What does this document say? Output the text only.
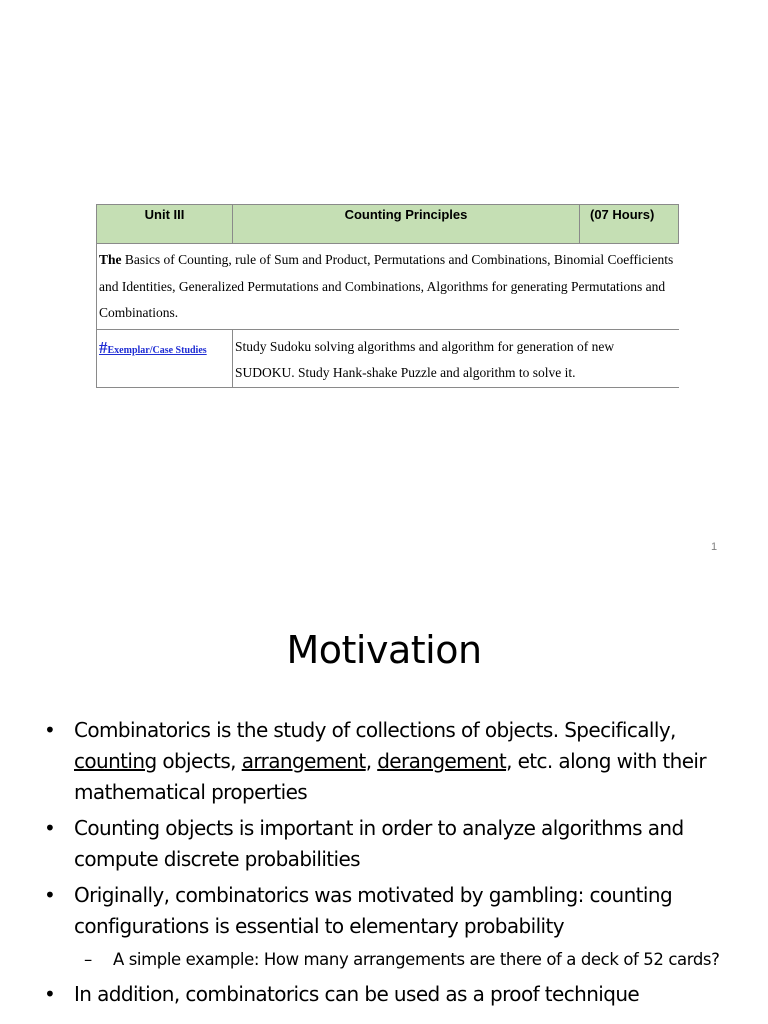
Unit III	Counting Principles	(07 Hours)
The Basics of Counting, rule of Sum and Product, Permutations and Combinations, Binomial Coefficients and Identities, Generalized Permutations and Combinations, Algorithms for generating Permutations and Combinations.		
#Exemplar/Case Studies	Study Sudoku solving algorithms and algorithm for generation of new SUDOKU. Study Hank-shake Puzzle and algorithm to solve it.	
1
Motivation
• Combinatorics is the study of collections of objects. Specifically, counting objects, arrangement, derangement, etc. along with their mathematical properties
• Counting objects is important in order to analyze algorithms and compute discrete probabilities
• Originally, combinatorics was motivated by gambling: counting configurations is essential to elementary probability
– A simple example: How many arrangements are there of a deck of 52 cards?
• In addition, combinatorics can be used as a proof technique
